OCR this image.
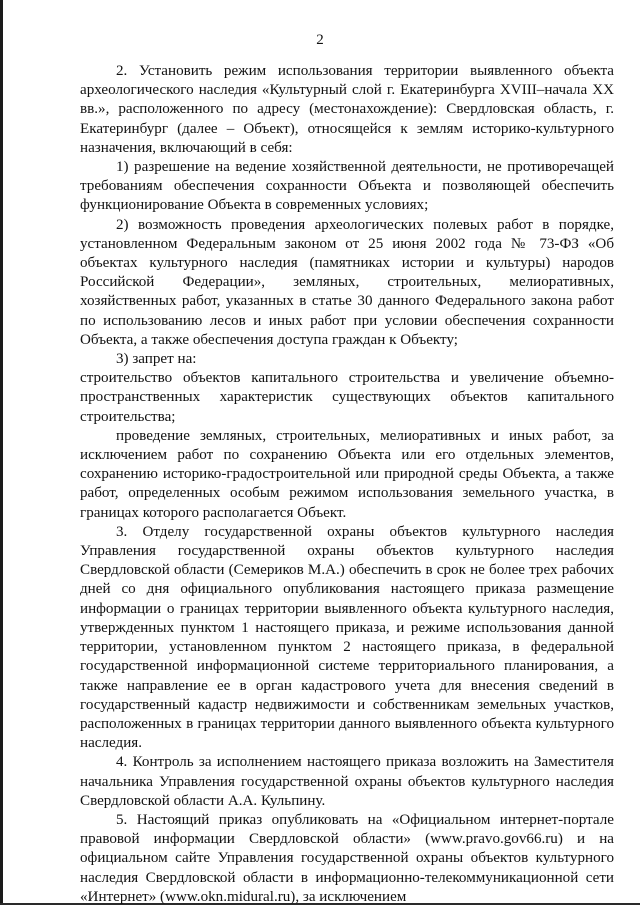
2

2. Установить режим использования территории выявленного объекта археологического наследия «Культурный слой г. Екатеринбурга XVIII–начала XX вв.», расположенного по адресу (местонахождение): Свердловская область, г. Екатеринбург (далее – Объект), относящейся к землям историко-культурного назначения, включающий в себя:

1) разрешение на ведение хозяйственной деятельности, не противоречащей требованиям обеспечения сохранности Объекта и позволяющей обеспечить функционирование Объекта в современных условиях;

2) возможность проведения археологических полевых работ в порядке, установленном Федеральным законом от 25 июня 2002 года № 73-ФЗ «Об объектах культурного наследия (памятниках истории и культуры) народов Российской Федерации», земляных, строительных, мелиоративных, хозяйственных работ, указанных в статье 30 данного Федерального закона работ по использованию лесов и иных работ при условии обеспечения сохранности Объекта, а также обеспечения доступа граждан к Объекту;

3) запрет на:

строительство объектов капитального строительства и увеличение объемно-пространственных характеристик существующих объектов капитального строительства;

проведение земляных, строительных, мелиоративных и иных работ, за исключением работ по сохранению Объекта или его отдельных элементов, сохранению историко-градостроительной или природной среды Объекта, а также работ, определенных особым режимом использования земельного участка, в границах которого располагается Объект.

3. Отделу государственной охраны объектов культурного наследия Управления государственной охраны объектов культурного наследия Свердловской области (Семериков М.А.) обеспечить в срок не более трех рабочих дней со дня официального опубликования настоящего приказа размещение информации о границах территории выявленного объекта культурного наследия, утвержденных пунктом 1 настоящего приказа, и режиме использования данной территории, установленном пунктом 2 настоящего приказа, в федеральной государственной информационной системе территориального планирования, а также направление ее в орган кадастрового учета для внесения сведений в государственный кадастр недвижимости и собственникам земельных участков, расположенных в границах территории данного выявленного объекта культурного наследия.

4. Контроль за исполнением настоящего приказа возложить на Заместителя начальника Управления государственной охраны объектов культурного наследия Свердловской области А.А. Кульпину.

5. Настоящий приказ опубликовать на «Официальном интернет-портале правовой информации Свердловской области» (www.pravo.gov66.ru) и на официальном сайте Управления государственной охраны объектов культурного наследия Свердловской области в информационно-телекоммуникационной сети «Интернет» (www.okn.midural.ru), за исключением
